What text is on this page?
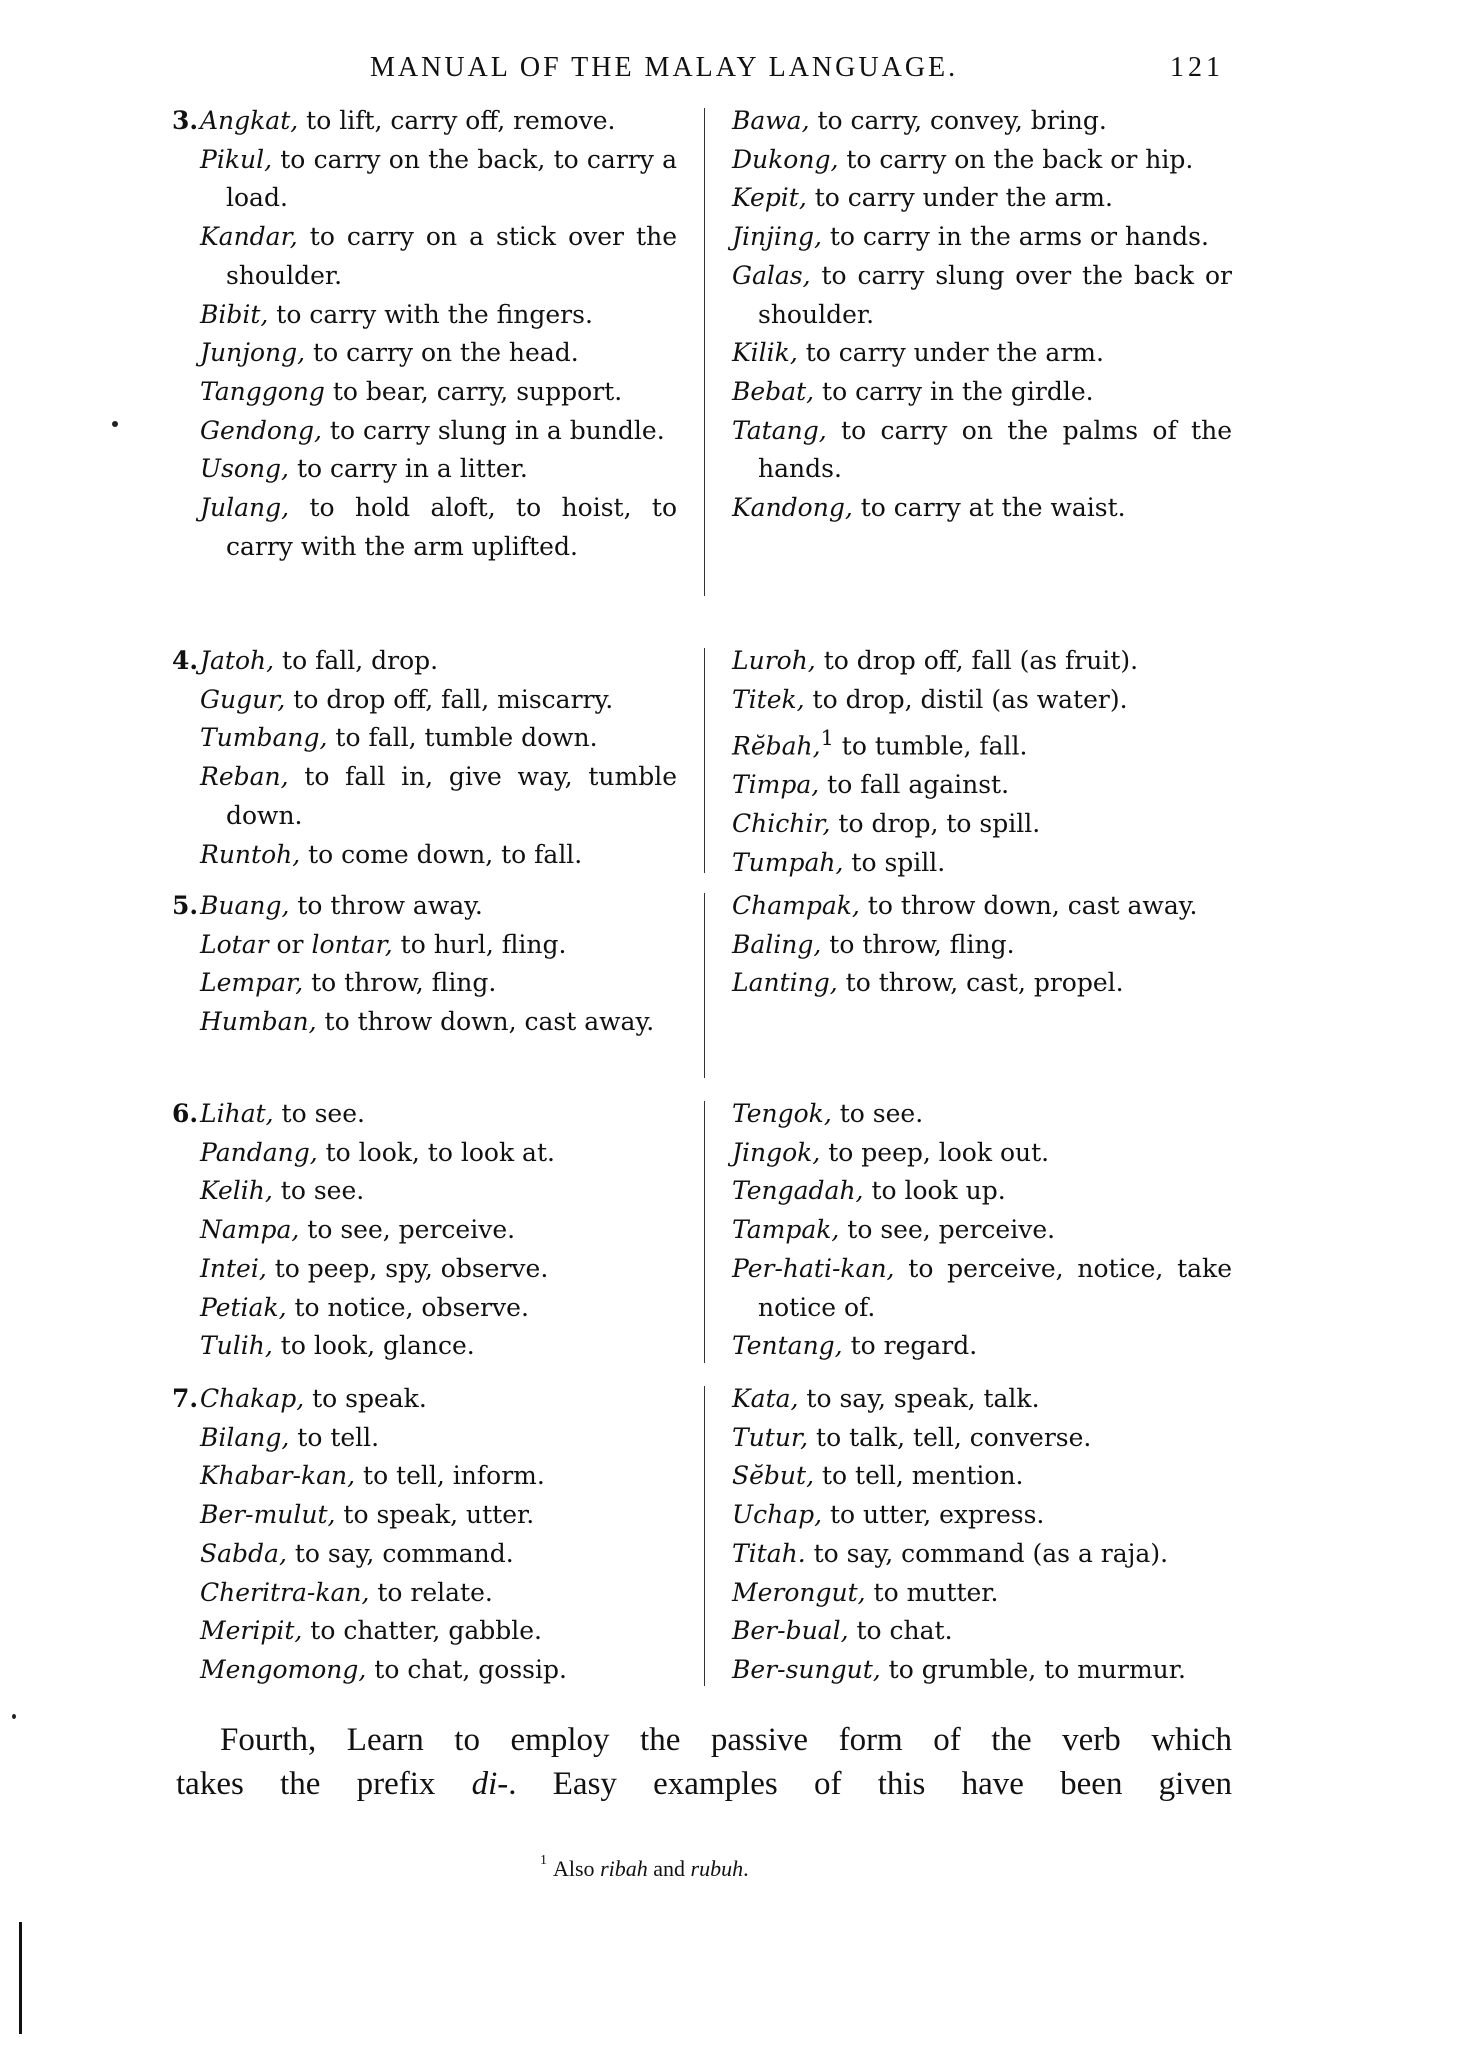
MANUAL OF THE MALAY LANGUAGE.	121
3. Angkat, to lift, carry off, remove.
Pikul, to carry on the back, to carry a load.
Kandar, to carry on a stick over the shoulder.
Bibit, to carry with the fingers.
Junjong, to carry on the head.
Tanggong to bear, carry, support.
Gendong, to carry slung in a bundle.
Usong, to carry in a litter.
Julang, to hold aloft, to hoist, to carry with the arm uplifted.
Bawa, to carry, convey, bring.
Dukong, to carry on the back or hip.
Kepit, to carry under the arm.
Jinjing, to carry in the arms or hands.
Galas, to carry slung over the back or shoulder.
Kilik, to carry under the arm.
Bebat, to carry in the girdle.
Tatang, to carry on the palms of the hands.
Kandong, to carry at the waist.
4. Jatoh, to fall, drop.
Gugur, to drop off, fall, miscarry.
Tumbang, to fall, tumble down.
Reban, to fall in, give way, tumble down.
Runtoh, to come down, to fall.
Luroh, to drop off, fall (as fruit).
Titek, to drop, distil (as water).
Rĕbah,$^1$ to tumble, fall.
Timpa, to fall against.
Chichir, to drop, to spill.
Tumpah, to spill.
5. Buang, to throw away.
Lotar or lontar, to hurl, fling.
Lempar, to throw, fling.
Humban, to throw down, cast away.
Champak, to throw down, cast away.
Baling, to throw, fling.
Lanting, to throw, cast, propel.
6. Lihat, to see.
Pandang, to look, to look at.
Kelih, to see.
Nampa, to see, perceive.
Intei, to peep, spy, observe.
Petiak, to notice, observe.
Tulih, to look, glance.
Tengok, to see.
Jingok, to peep, look out.
Tengadah, to look up.
Tampak, to see, perceive.
Per-hati-kan, to perceive, notice, take notice of.
Tentang, to regard.
7. Chakap, to speak.
Bilang, to tell.
Khabar-kan, to tell, inform.
Ber-mulut, to speak, utter.
Sabda, to say, command.
Cheritra-kan, to relate.
Meripit, to chatter, gabble.
Mengomong, to chat, gossip.
Kata, to say, speak, talk.
Tutur, to talk, tell, converse.
Sĕbut, to tell, mention.
Uchap, to utter, express.
Titah. to say, command (as a raja).
Merongut, to mutter.
Ber-bual, to chat.
Ber-sungut, to grumble, to murmur.

Fourth, Learn to employ the passive form of the verb which

takes the prefix di-. Easy examples of this have been given

$^1$ Also ribah and rubuh.
